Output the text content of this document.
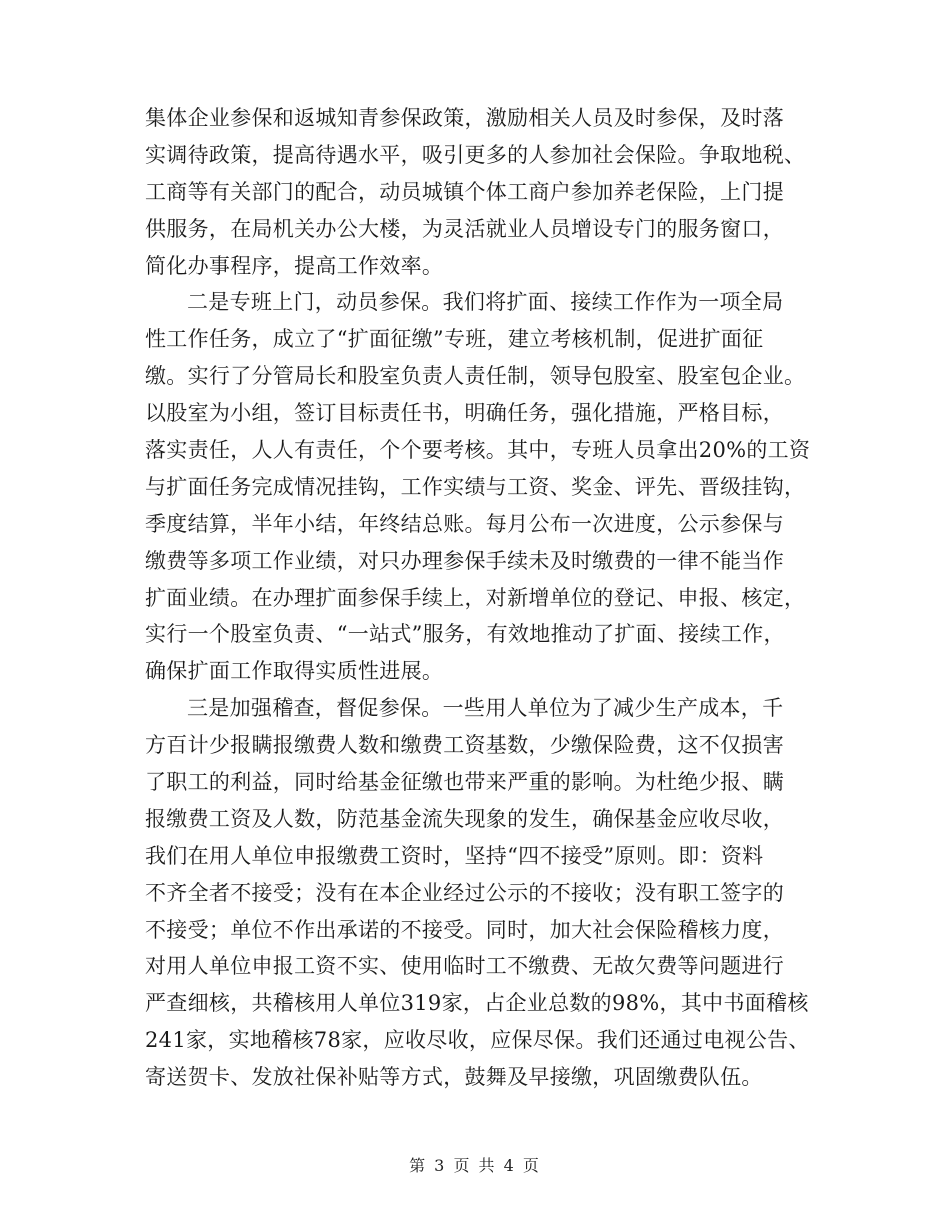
集体企业参保和返城知青参保政策，激励相关人员及时参保，及时落
实调待政策，提高待遇水平，吸引更多的人参加社会保险。争取地税、
工商等有关部门的配合，动员城镇个体工商户参加养老保险，上门提
供服务，在局机关办公大楼，为灵活就业人员增设专门的服务窗口，
简化办事程序，提高工作效率。
二是专班上门，动员参保。我们将扩面、接续工作作为一项全局
性工作任务，成立了“扩面征缴”专班，建立考核机制，促进扩面征
缴。实行了分管局长和股室负责人责任制，领导包股室、股室包企业。
以股室为小组，签订目标责任书，明确任务，强化措施，严格目标，
落实责任，人人有责任，个个要考核。其中，专班人员拿出20%的工资
与扩面任务完成情况挂钩，工作实绩与工资、奖金、评先、晋级挂钩，
季度结算，半年小结，年终结总账。每月公布一次进度，公示参保与
缴费等多项工作业绩，对只办理参保手续未及时缴费的一律不能当作
扩面业绩。在办理扩面参保手续上，对新增单位的登记、申报、核定，
实行一个股室负责、“一站式”服务，有效地推动了扩面、接续工作，
确保扩面工作取得实质性进展。
三是加强稽查，督促参保。一些用人单位为了减少生产成本，千
方百计少报瞒报缴费人数和缴费工资基数，少缴保险费，这不仅损害
了职工的利益，同时给基金征缴也带来严重的影响。为杜绝少报、瞒
报缴费工资及人数，防范基金流失现象的发生，确保基金应收尽收，
我们在用人单位申报缴费工资时，坚持“四不接受”原则。即：资料
不齐全者不接受；没有在本企业经过公示的不接收；没有职工签字的
不接受；单位不作出承诺的不接受。同时，加大社会保险稽核力度，
对用人单位申报工资不实、使用临时工不缴费、无故欠费等问题进行
严查细核，共稽核用人单位319家，占企业总数的98%，其中书面稽核
241家，实地稽核78家，应收尽收，应保尽保。我们还通过电视公告、
寄送贺卡、发放社保补贴等方式，鼓舞及早接缴，巩固缴费队伍。
第 3 页 共 4 页
